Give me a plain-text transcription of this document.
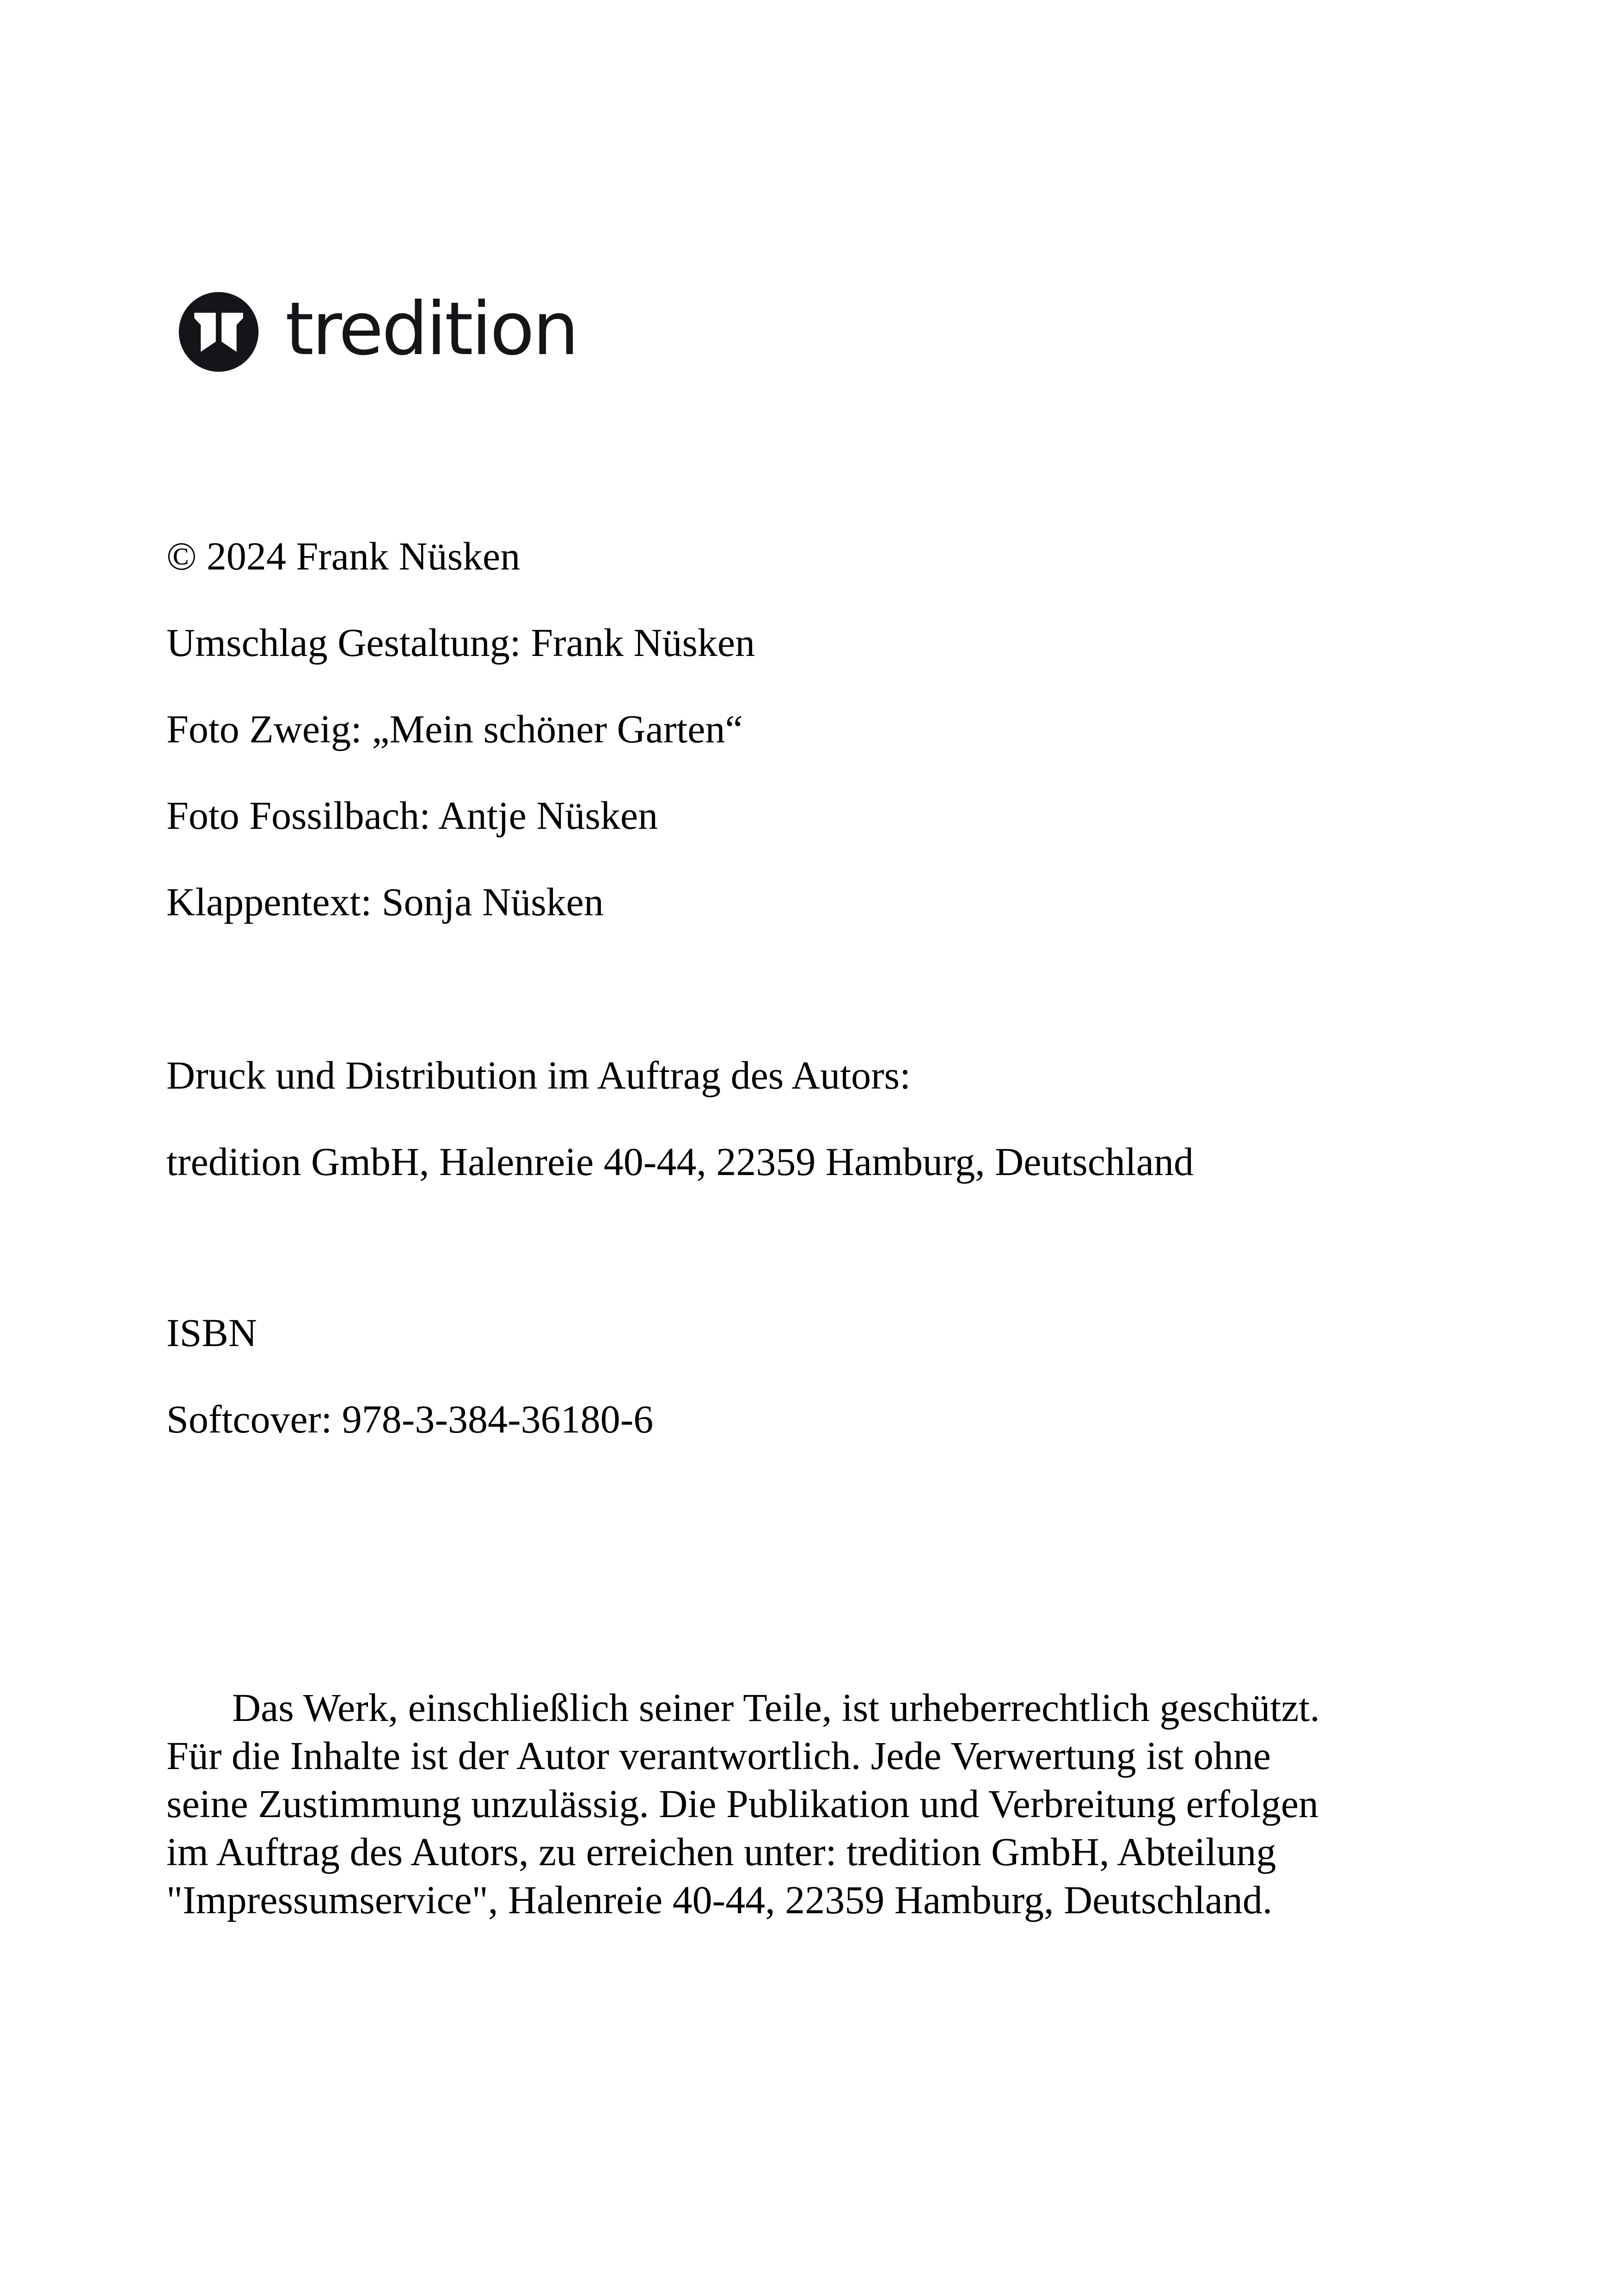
tredition
© 2024 Frank Nüsken
Umschlag Gestaltung: Frank Nüsken
Foto Zweig: „Mein schöner Garten“
Foto Fossilbach: Antje Nüsken
Klappentext: Sonja Nüsken
Druck und Distribution im Auftrag des Autors:
tredition GmbH, Halenreie 40-44, 22359 Hamburg, Deutschland
ISBN
Softcover: 978-3-384-36180-6
Das Werk, einschließlich seiner Teile, ist urheberrechtlich geschützt.
Für die Inhalte ist der Autor verantwortlich. Jede Verwertung ist ohne
seine Zustimmung unzulässig. Die Publikation und Verbreitung erfolgen
im Auftrag des Autors, zu erreichen unter: tredition GmbH, Abteilung
"Impressumservice", Halenreie 40-44, 22359 Hamburg, Deutschland.
